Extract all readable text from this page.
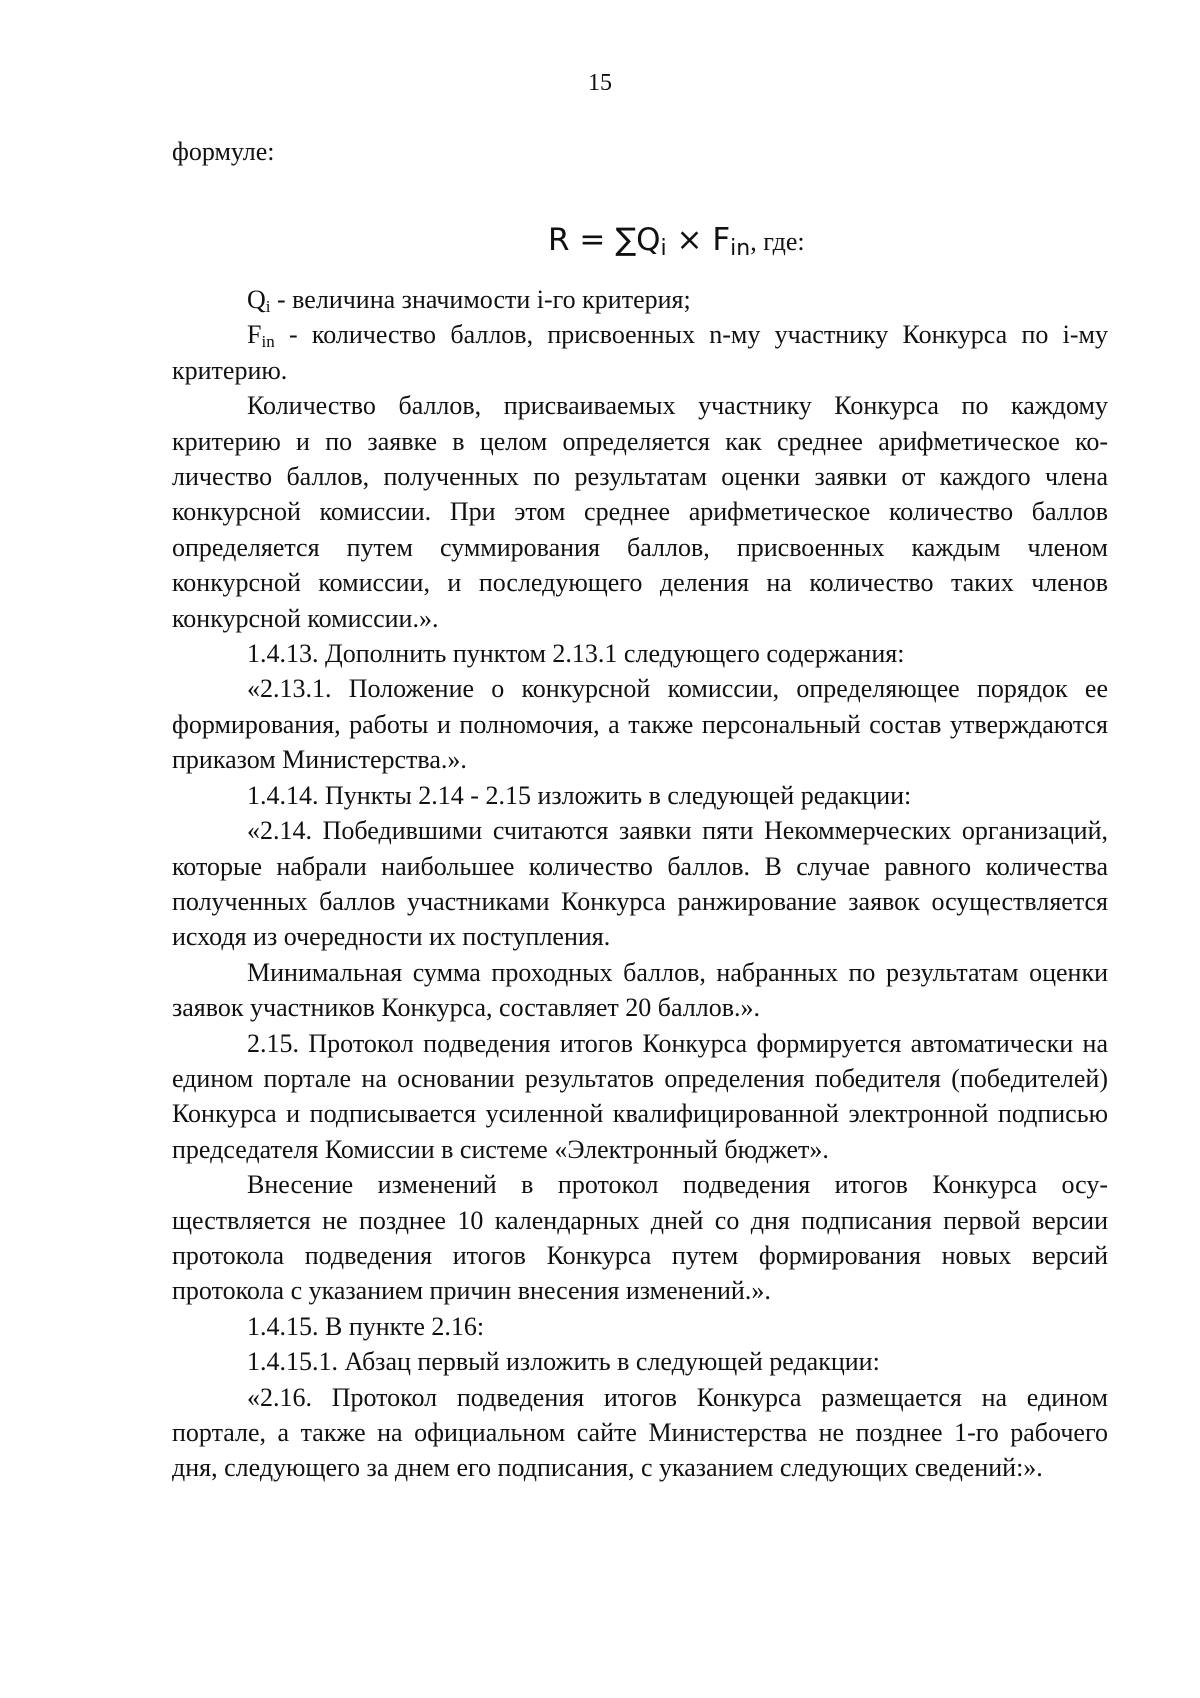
15

формуле:

$R = \sum Q_i \times F_{in}$, где:

$Q_i$ - величина значимости i-го критерия;

$F_{in}$ - количество баллов, присвоенных n-му участнику Конкурса по i-му критерию.

Количество баллов, присваиваемых участнику Конкурса по каждому критерию и по заявке в целом определяется как среднее арифметическое количество баллов, полученных по результатам оценки заявки от каждого члена конкурсной комиссии. При этом среднее арифметическое количество баллов определяется путем суммирования баллов, присвоенных каждым членом конкурсной комиссии, и последующего деления на количество таких членов конкурсной комиссии.».

1.4.13. Дополнить пунктом 2.13.1 следующего содержания:

«2.13.1. Положение о конкурсной комиссии, определяющее порядок ее формирования, работы и полномочия, а также персональный состав утверждаются приказом Министерства.».

1.4.14. Пункты 2.14 - 2.15 изложить в следующей редакции:

«2.14. Победившими считаются заявки пяти Некоммерческих организаций, которые набрали наибольшее количество баллов. В случае равного количества полученных баллов участниками Конкурса ранжирование заявок осуществляется исходя из очередности их поступления.

Минимальная сумма проходных баллов, набранных по результатам оценки заявок участников Конкурса, составляет 20 баллов.».

2.15. Протокол подведения итогов Конкурса формируется автоматически на едином портале на основании результатов определения победителя (победителей) Конкурса и подписывается усиленной квалифицированной электронной подписью председателя Комиссии в системе «Электронный бюджет».

Внесение изменений в протокол подведения итогов Конкурса осуществляется не позднее 10 календарных дней со дня подписания первой версии протокола подведения итогов Конкурса путем формирования новых версий протокола с указанием причин внесения изменений.».

1.4.15. В пункте 2.16:

1.4.15.1. Абзац первый изложить в следующей редакции:

«2.16. Протокол подведения итогов Конкурса размещается на едином портале, а также на официальном сайте Министерства не позднее 1-го рабочего дня, следующего за днем его подписания, с указанием следующих сведений:».
